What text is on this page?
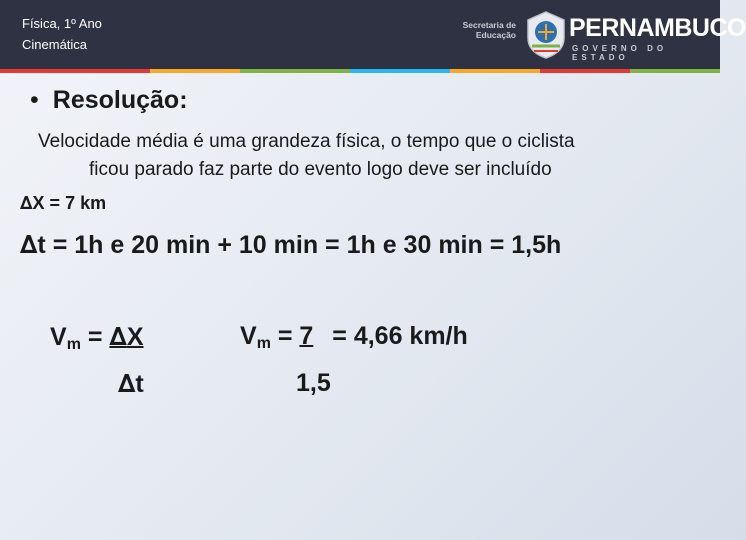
Física, 1º Ano
Cinemática
Secretaria de
Educação PERNAMBUCO
GOVERNO DO ESTADO
• Resolução:
Velocidade média é uma grandeza física, o tempo que o ciclista
ficou parado faz parte do evento logo deve ser incluído
∆X = 7 km
∆t = 1h e 20 min + 10 min = 1h e 30 min = 1,5h
$V_m = \Delta X$
∆t
$V_m = 7 = 4,66$ km/h
1,5
